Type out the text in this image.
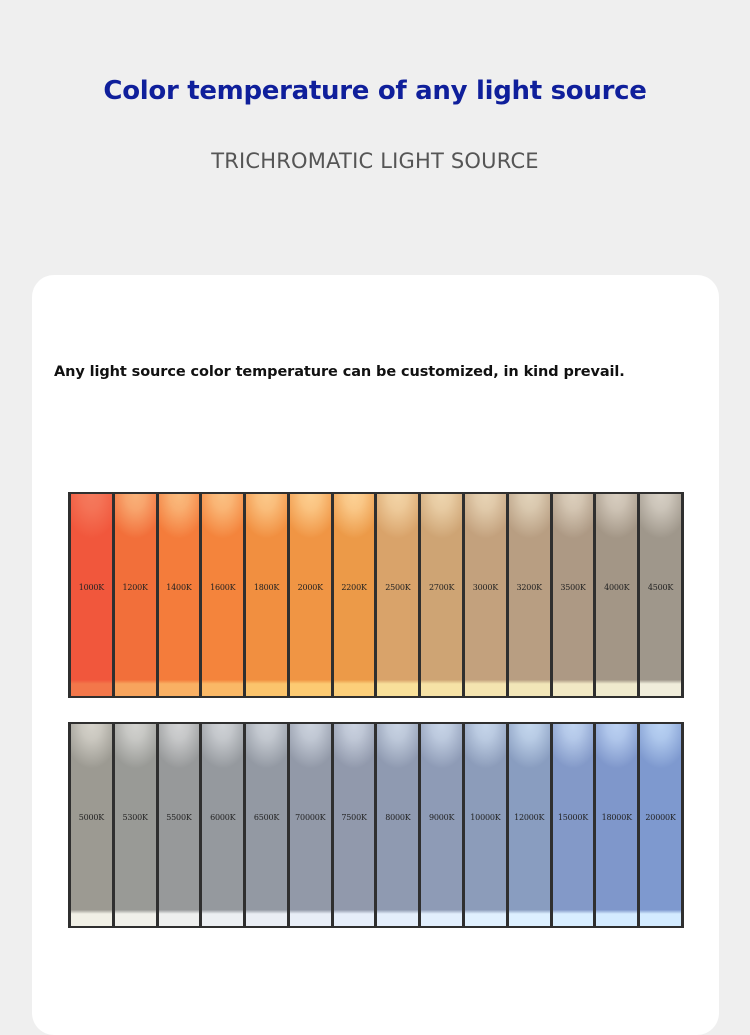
Color temperature of any light source

TRICHROMATIC LIGHT SOURCE

Any light source color temperature can be customized, in kind prevail.

1000K	1200K	1400K	1600K	1800K	2000K	2200K	2500K	2700K	3000K	3200K	3500K	4000K	4500K
5000K	5300K	5500K	6000K	6500K	70000K	7500K	8000K	9000K	10000K	12000K	15000K	18000K	20000K
